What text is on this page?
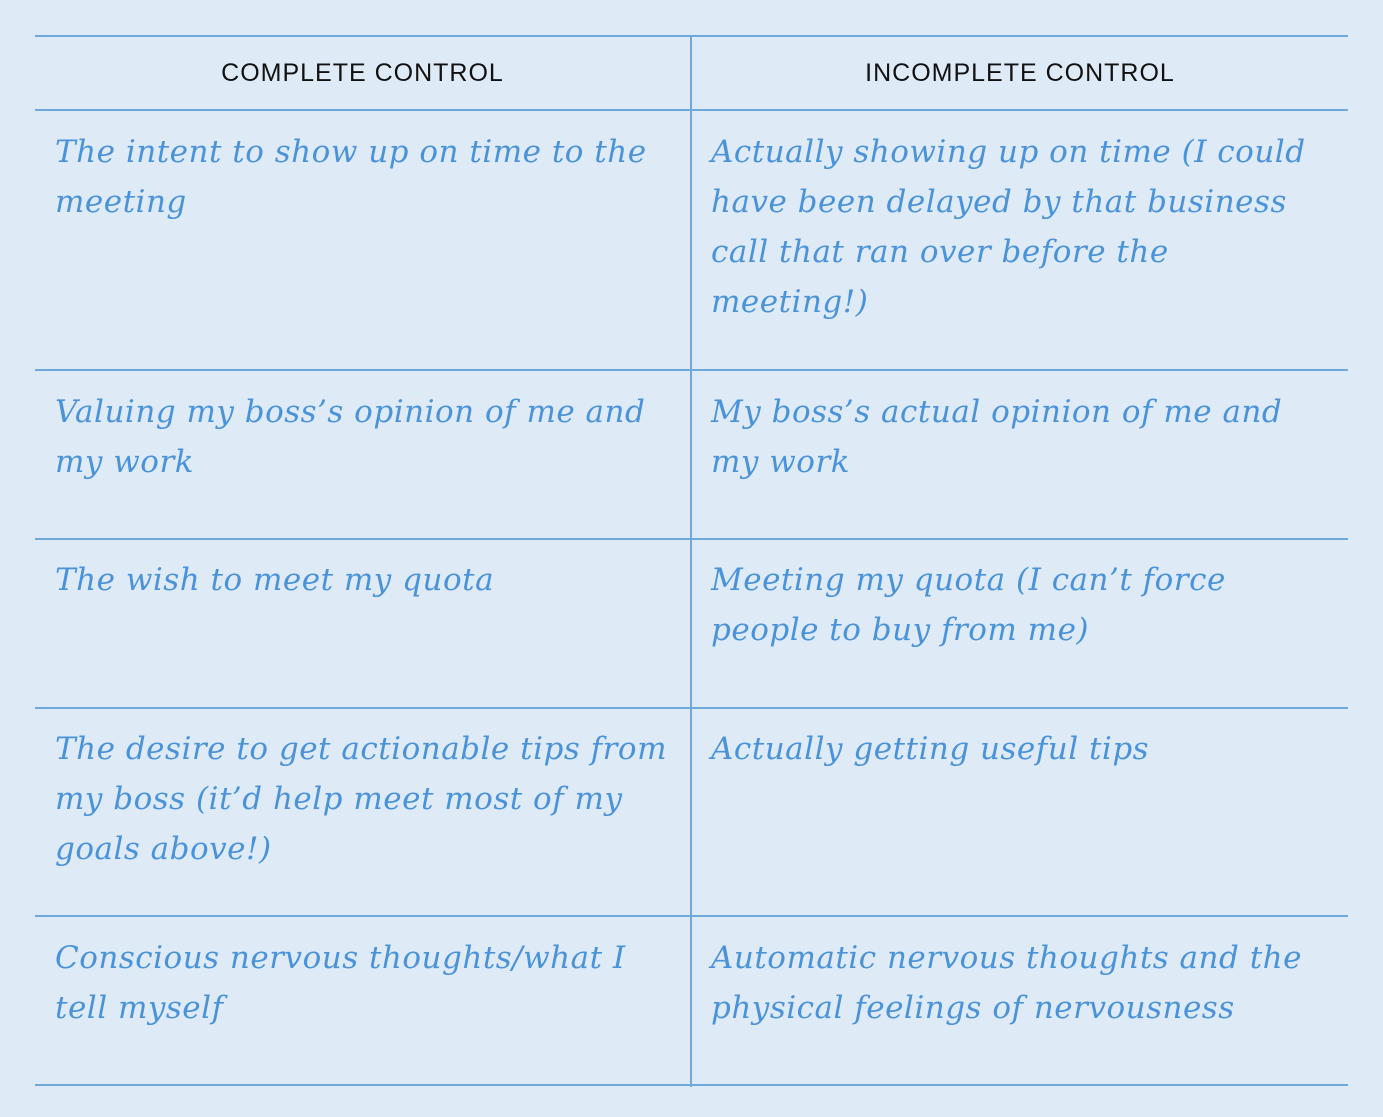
COMPLETE CONTROL	INCOMPLETE CONTROL
The intent to show up on time to the meeting
Actually showing up on time (I could have been delayed by that business call that ran over before the meeting!)
Valuing my boss’s opinion of me and my work
My boss’s actual opinion of me and my work
The wish to meet my quota	Meeting my quota (I can’t force people to buy from me)
The desire to get actionable tips from my boss (it’d help meet most of my goals above!)
Actually getting useful tips
Conscious nervous thoughts/what I tell myself
Automatic nervous thoughts and the physical feelings of nervousness
